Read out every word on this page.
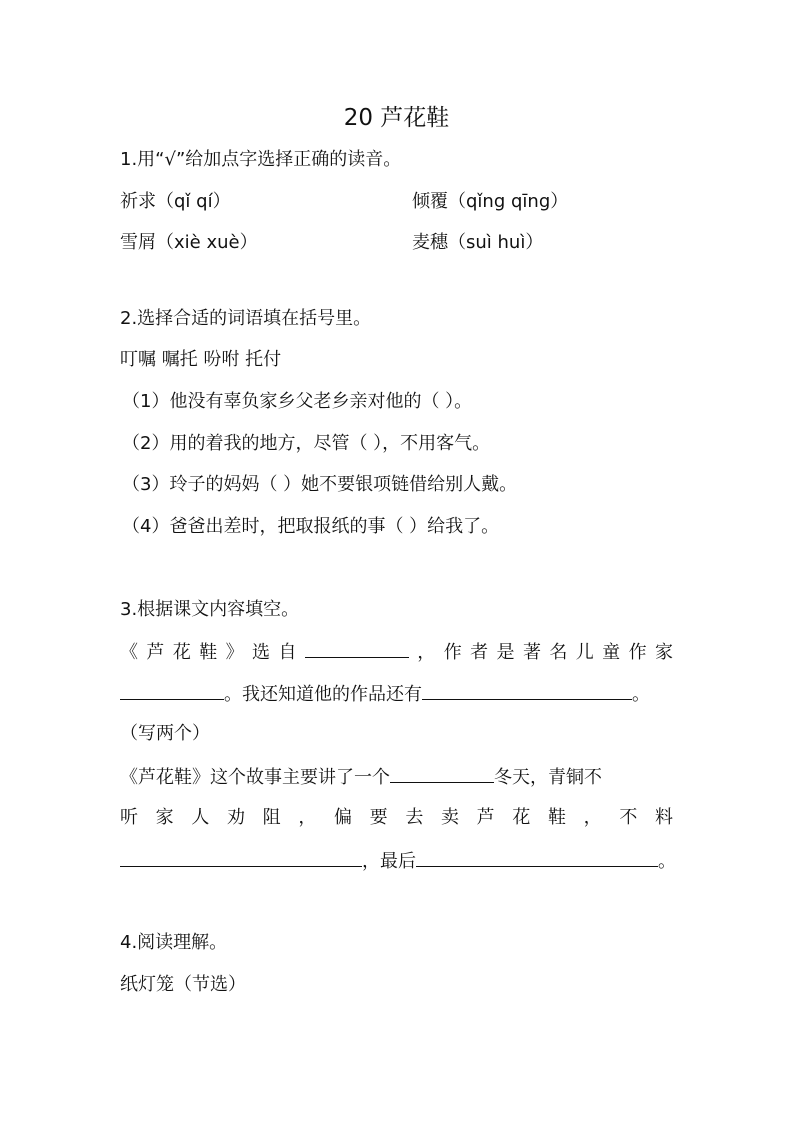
20 芦花鞋
1.用“√”给加点字选择正确的读音。
祈求（qǐ qí）	倾覆（qǐng qīng）
雪屑（xiè xuè）	麦穗（suì huì）
2.选择合适的词语填在括号里。
叮嘱 嘱托 吩咐 托付
（1）他没有辜负家乡父老乡亲对他的（ ）。
（2）用的着我的地方，尽管（ ），不用客气。
（3）玲子的妈妈（ ）她不要银项链借给别人戴。
（4）爸爸出差时，把取报纸的事（ ）给我了。
3.根据课文内容填空。
《芦花鞋》选自	，作者是著名儿童作家
。我还知道他的作品还有	。
（写两个）
《芦花鞋》这个故事主要讲了一个	冬天，青铜不
听家人劝阻，偏要去卖芦花鞋，不料
，最后	。
4.阅读理解。
纸灯笼（节选）
